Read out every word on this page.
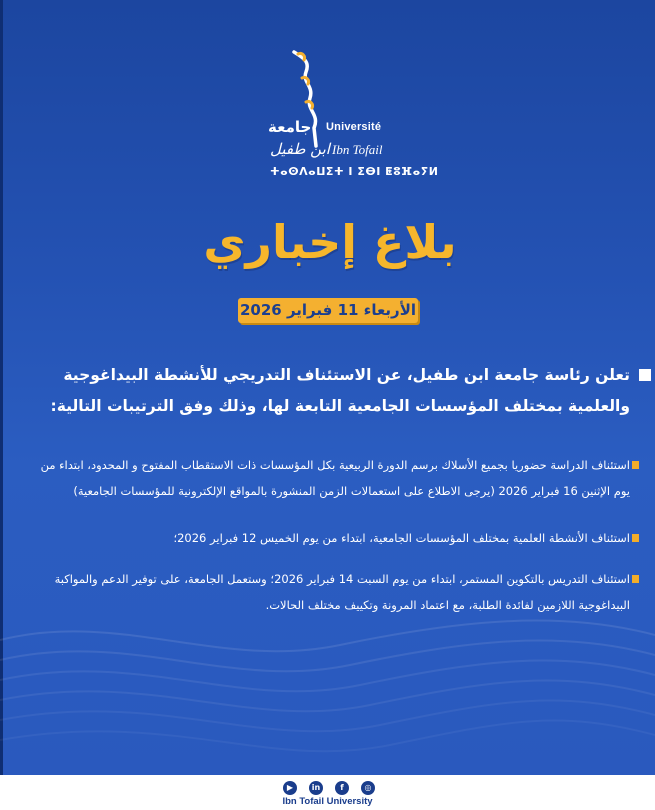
جامعة Université
ابن طفيل Ibn Tofail
ⵜⴰⵙⴷⴰⵡⵉⵜ ⵏ ⵉⴱⵏ ⵟⵓⴼⴰⵢⵍ
بلاغ إخباري
الأربعاء 11 فبراير 2026
تعلن رئاسة جامعة ابن طفيل، عن الاستئناف التدريجي للأنشطة البيداغوجية والعلمية بمختلف المؤسسات الجامعية التابعة لها، وذلك وفق الترتيبات التالية:
استئناف الدراسة حضوريا بجميع الأسلاك برسم الدورة الربيعية بكل المؤسسات ذات الاستقطاب المفتوح و المحدود، ابتداء من يوم الإثنين 16 فبراير 2026 (يرجى الاطلاع على استعمالات الزمن المنشورة بالمواقع الإلكترونية للمؤسسات الجامعية)
استئناف الأنشطة العلمية بمختلف المؤسسات الجامعية، ابتداء من يوم الخميس 12 فبراير 2026؛
استئناف التدريس بالتكوين المستمر، ابتداء من يوم السبت 14 فبراير 2026؛ وستعمل الجامعة، على توفير الدعم والمواكبة البيداغوجية اللازمين لفائدة الطلبة، مع اعتماد المرونة وتكييف مختلف الحالات.
▶	in	f	◎
Ibn Tofail University
